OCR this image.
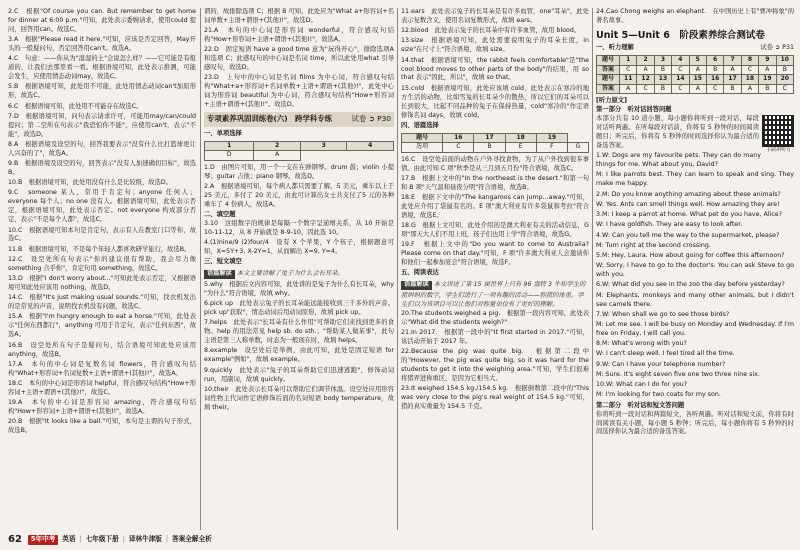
2.C　根据"Of course you can. But remember to get home for dinner at 6:00 p.m."可知，此处表示委婉请求，使用could 提问，回答用can。故选C。

3.A　根据"Please read it here."可知，应该是否定回答，May开头的一般疑问句，否定回答用can't。故选A。

4.C　句意：——你从为"湿湿的土"会说怎么样？——它可能是有报道的，让我们去那里看一看。根据语境可知，此处表示推测，可能会发生，应使用情态动词may，故选C。

5.B　根据语境可知，此处用不可能，此处用情态动词can't加原形形，故选C。

6.C　根据语境可知，此处用不可能存在故选C。

7.D　根据语境可知，问句表示请求许可，可能用may/can/could提问；第二空所在句表示"我恐怕你不能"，应使用can't，表示"不能"，故选D。

8.A　根据语境及设空的句，回答我要表示"没有什么比打篮球更让人兴奋的了"，故选A。

9.B　根据语境及设空的句，回答表示"没有人加速确切目标"，故选B。

10.B　根据语境可知，此处用没有什么是比较级，故选D。

9.C　someone 某人，常用于肯定句；anyone 任何人；everyone 每个人；no one 没有人。根据语境可知，此处表示否定，根据语境可知，此处表示否定。not everyone 构成部分否定，表示"不是每个人都"，故选C。

10.C　根据语境可知本句是肯定句，表示有人在教室门口等你，故选C。

11.B　根据语境可知，不是每个年轻人都喜欢研学旅行，故选B。

12.C　设空处所在句表示"你的建议很有帮助，我会尽力像 something 合乎你"，肯定句用 something，故选C。

13.D　根据"I don't worry about..."可知此处表示否定，又根据语境可知此处应该用 nothing，故选D。

14.C　根据"It's just making usual sounds."可知，找衣机发出的是常见的声音，说明找衣机没有问题，故选C。

15.A　根据"I'm hungry enough to eat a horse."可知，此处表示"任何东西都行"，anything 可用于肯定句，表示"任何东西"，故选A。

16.B　设空处所在句子是疑问句，结合语境可知此处应该用 anything，故选B。

17.A　本句的中心词是复数名词 flowers，符合感叹句结构"What+形容词+名词复数+主语+谓语+(其他)!"，故选A。

18.C　本句的中心词是形容词 helpful，符合感叹句结构"How+形容词+主语+谓语+(其他)!"，故选C。

19.A　本句的中心词是形容词 amazing，符合感叹句结构"How+形容词+主语+谓语+(其他)!"，故选A。

20.B　根据"It looks like a ball."可知，本句是主谓的句子形式，故选B。

谓的，故排除选项 C；根据 B 可知，此处应为"What a+形容词+名词单数+主语+谓语+(其他)!"，故选D。

21.A　本句的中心词是形容词 wonderful，符合感叹句结构"How+形容词+主语+谓语+(其他)!"，故选A。

22.D　固定短语 have a good time 意为"玩得开心"，排除选项A 和选项 C；此感叹句的中心词是名词 time，所以此处用what 引导感叹句，故选D。

23.D　上句中的中心词是名词 films 为中心词，符合感叹句结构"What+a+形容词+名词单数+主语+谓语+(其他)!"，此处中心词为形容词 beautiful 为中心词，符合感叹句结构"How+形容词+主语+谓语+(其他)!"。故选D。

专项素养巩固训练卷(六)　跨学科专练	试卷 ➲ P30
一、单项选择
1	2	3	4
D	A		

1.D　由图片可知，用一个一支在在弹钢琴。drum 鼓；violin 小提琴；guitar 吉他；piano 钢琴。故选D。

2.A　根据语境可知，每个病人都只需要了解。5 美元，乘车以上于 25 美元，多付了 20 美元，由此可计算出女士共支付了5 元的各种乘车了 4 份病人，故选A。

二、填空题

3.10　这组数字的规律是每隔一个数字呈递增关系，从 10 开始是 10-11-12，从 8 开始就是 8-9-10，因此选 10。

4.(1)nine/9 (2)four/4　设有 X 个苹果，Y 个孩子，根据题意可知，X=5Y+3, X-2Y=1，从而解出 X=9, Y=4。

三、短文填空
语篇解读 本文主要讲解了兔子为什么会长耳朵。

5.why　根据后文内容可知，此处讲的是兔子为什么有长耳朵，why "为什么"符合语境，故填 why。

6.pick up　此处表示兔子的长耳朵能远能接收到三千多外的声音。pick up"获取"，情态动词后用动词原形，故填 pick up。

7.helps　此处表示"长耳朵有什么作用"可帮助它们来找到更多的食物。help 的用法常见 help sb. do sth.；"帮助某人做某事"，此句主语是第三人称单数，时态为一般现在时，故填 helps。

8.example　设空处后是举例，由此可知，此处是固定短语 for example"例如"，故填 example。

9.quickly　此处表示"兔子的耳朵帮助它们迅速逃跑"，修饰动词 run，用副词，故填 quickly。

10.their　此处表示长耳朵可以帮助它们调节体温。设空处应用形容词性物主代词作定语修饰后面的名词短语 body temperature，故填 their。

11.ears　此处表示兔子的长耳朵是有许多血管，one"耳朵"，此处表示复数含义，使用名词复数形式，故填 ears。

12.blood　此处表示兔子的长耳朵中有许多血管，故用 blood。

13.size　根据语境可知，此处需要说明兔子的耳朵长度，in size"在尺寸上"符合语境，故填 size。

14.that　根据语境可知，the rabbit feels comfortable"是"the cool blood moves to other parts of the body"的结果，用 so that 表示"因此，所以"，故填 so that。

15.cold　根据语境可知，此处应该填 cold，此处表示在寒冷的地方生活的动物，比如雪兔的长耳朵少的散热，所以它们的耳朵可以长到很大，比起不同品种的兔子在保持热量，cold"寒冷的"作定语修饰名词 days，故填 cold。

四、语篇选择
题号	16	17	18	19	
选项	C	B	E	F	G

16.C　设空处前面的动物在户外寻找食物，为了从户外找到很多事情。由此可知 C 项"秋季是从三月到五月份"符合语境，故选C。

17.B　根据上文中的"In the northeast is the desert."和第一句和 B 项"天气温和昼夜分明"符合语境，故选B。

18.E　根据下文中的"The kangaroos can jump...away."可知，此处应介绍了袋鼠有名的。E 项"澳大利亚有许多袋鼠和考拉"符合语境，故选E。

18.G　根据上文可知，此处介绍的是澳大利亚有关的活动信息，G 项"那天大人们不用上班，孩子们也用上学"符合语境，故选G。

19.F　根据上文中的"Do you want to come to Australia? Please come on that day."可知，F 项"许多澳大利亚人会邀请你和他们一起参加宴会"符合语境，故选F。

五、阅读表达
语篇解读 本文讲述了第 15 届世界上只有 96 盎特 3 牛和学生的猪妈妈的数字，学生们进行了一项有趣的活动——称猪的体重。学生们以为该项目可以让他们对称量单位有了更好的理解。

20.The students weighed a pig.　根据第一段内容可知，此处表示"What did the students weigh?"

21.In 2017.　根据第一段中的"It first started in 2017."可知，该活动开始于 2017 年。

22.Because the pig was quite big.　根据第二段中的"However, the pig was quite big, so it was hard for the students to get it into the weighing area."可知，学生们很难将猪弄进称重区，是因为它相当大。

23.It weighed 154.5 kg./154.5 kg.　根据倒数第二段中的"This was very close to the pig's real weight of 154.5 kg."可知，猪的真实重量为 154.5 千克。

24.Cao Chong weighs an elephant.　在中国历史上有"曹冲称象"的著名故事。

Unit 5—Unit 6　阶段素养综合测试卷
试卷 ➲ P31
一、听力理解
题号	1	2	3	4	5	6	7	8	9	10
答案	C	A	B	C	A	B	A	C	A	B
题号	11	12	13	14	15	16	17	18	19	20
答案	A	C	B	C	A	C	B	A	B	C
[听力原文]
第一部分　听对话回答问题
扫码听听力

本部分共有 10 道小题，每小题你将听到一段对话，每段对话听两遍。在听每段对话前，你将有 5 秒钟的时间阅读题目；听完后，你将有 5 秒钟的时间选择你认为最合适的备选答案。

1.W: Dogs are my favourite pets. They can do many things for me. What about you, David?

M: I like parrots best. They can learn to speak and sing. They make me happy.

2.M: Do you know anything amazing about these animals?

W: Yes. Ants can smell things well. How amazing they are!

3.M: I keep a parrot at home. What pet do you have, Alice?

W: I have goldfish. They are easy to look after.

4.W: Can you tell me the way to the supermarket, please?

M: Turn right at the second crossing.

5.M: Hey, Laura. How about going for coffee this afternoon?

W: Sorry, I have to go to the doctor's. You can ask Steve to go with you.

6.W: What did you see in the zoo the day before yesterday?

M: Elephants, monkeys and many other animals, but I didn't see camels there.

7.W: When shall we go to see those birds?

M: Let me see. I will be busy on Monday and Wednesday. If I'm free on Friday, I will call you.

8.M: What's wrong with you?

W: I can't sleep well. I feel tired all the time.

9.W: Can I have your telephone number?

M: Sure. It's eight seven five one two three nine six.

10.W: What can I do for you?

M: I'm looking for two coats for my son.

第二部分　听对话和短文答问题

你将听到一段对话和两篇短文，各听两遍。听对话和短文前，你将有时间阅读有关小题，每小题 5 秒钟；听完后，每小题你将有 5 秒钟的时间选择你认为最合适的备选答案。

62	5年中考	英语 | 七年级下册 | 译林牛津版 | 答案全解全析
